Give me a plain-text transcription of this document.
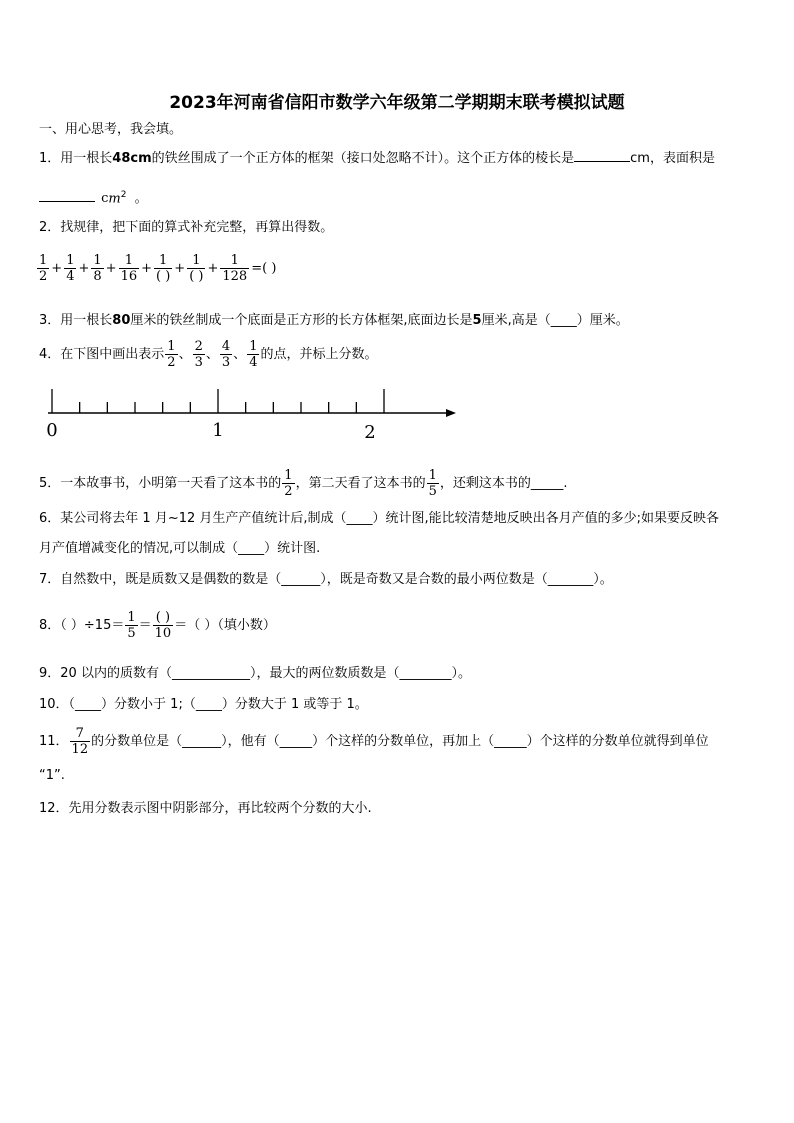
2023年河南省信阳市数学六年级第二学期期末联考模拟试题
一、用心思考，我会填。
1．用一根长48cm的铁丝围成了一个正方体的框架（接口处忽略不计）。这个正方体的棱长是	cm，表面积是
$cm^2$ 。
2．找规律，把下面的算式补充完整，再算出得数。
$\frac{1}{2} + \frac{1}{4} + \frac{1}{8} + \frac{1}{16} + \frac{1}{( )} + \frac{1}{( )} + \frac{1}{128}$ =( )
3．用一根长80厘米的铁丝制成一个底面是正方形的长方体框架,底面边长是5厘米,高是（____）厘米。
4．在下图中画出表示 $\frac{1}{2}$ 、 $\frac{2}{3}$ 、 $\frac{4}{3}$ 、 $\frac{1}{4}$ 的点，并标上分数。
0	1	2
5．一本故事书，小明第一天看了这本书的 $\frac{1}{2}$ ，第二天看了这本书的 $\frac{1}{5}$ ，还剩这本书的_____.
6．某公司将去年 1 月~12 月生产产值统计后,制成（____）统计图,能比较清楚地反映出各月产值的多少;如果要反映各
月产值增减变化的情况,可以制成（____）统计图.
7．自然数中，既是质数又是偶数的数是（______），既是奇数又是合数的最小两位数是（_______）。
8．（ ）$\div 15= \frac{1}{5} = \frac{( )}{10}$ ＝（ ）（填小数）
9．20 以内的质数有（____________），最大的两位数质数是（________）。
10．（____）分数小于 1;（____）分数大于 1 或等于 1。
11． $\frac{7}{12}$ 的分数单位是（______），他有（_____）个这样的分数单位，再加上（_____）个这样的分数单位就得到单位
“1”.
12．先用分数表示图中阴影部分，再比较两个分数的大小.
